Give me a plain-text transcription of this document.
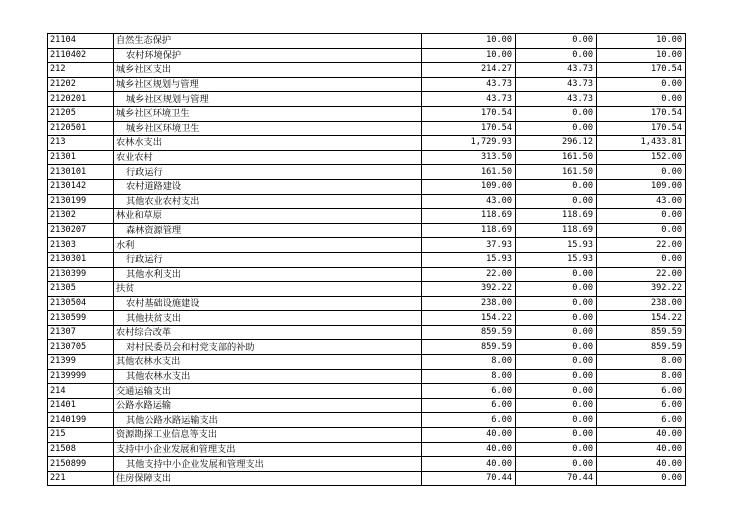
21104	自然生态保护	10.00	0.00	10.00
2110402	农村环境保护	10.00	0.00	10.00
212	城乡社区支出	214.27	43.73	170.54
21202	城乡社区规划与管理	43.73	43.73	0.00
2120201	城乡社区规划与管理	43.73	43.73	0.00
21205	城乡社区环境卫生	170.54	0.00	170.54
2120501	城乡社区环境卫生	170.54	0.00	170.54
213	农林水支出	1,729.93	296.12	1,433.81
21301	农业农村	313.50	161.50	152.00
2130101	行政运行	161.50	161.50	0.00
2130142	农村道路建设	109.00	0.00	109.00
2130199	其他农业农村支出	43.00	0.00	43.00
21302	林业和草原	118.69	118.69	0.00
2130207	森林资源管理	118.69	118.69	0.00
21303	水利	37.93	15.93	22.00
2130301	行政运行	15.93	15.93	0.00
2130399	其他水利支出	22.00	0.00	22.00
21305	扶贫	392.22	0.00	392.22
2130504	农村基础设施建设	238.00	0.00	238.00
2130599	其他扶贫支出	154.22	0.00	154.22
21307	农村综合改革	859.59	0.00	859.59
2130705	对村民委员会和村党支部的补助	859.59	0.00	859.59
21399	其他农林水支出	8.00	0.00	8.00
2139999	其他农林水支出	8.00	0.00	8.00
214	交通运输支出	6.00	0.00	6.00
21401	公路水路运输	6.00	0.00	6.00
2140199	其他公路水路运输支出	6.00	0.00	6.00
215	资源勘探工业信息等支出	40.00	0.00	40.00
21508	支持中小企业发展和管理支出	40.00	0.00	40.00
2150899	其他支持中小企业发展和管理支出	40.00	0.00	40.00
221	住房保障支出	70.44	70.44	0.00
